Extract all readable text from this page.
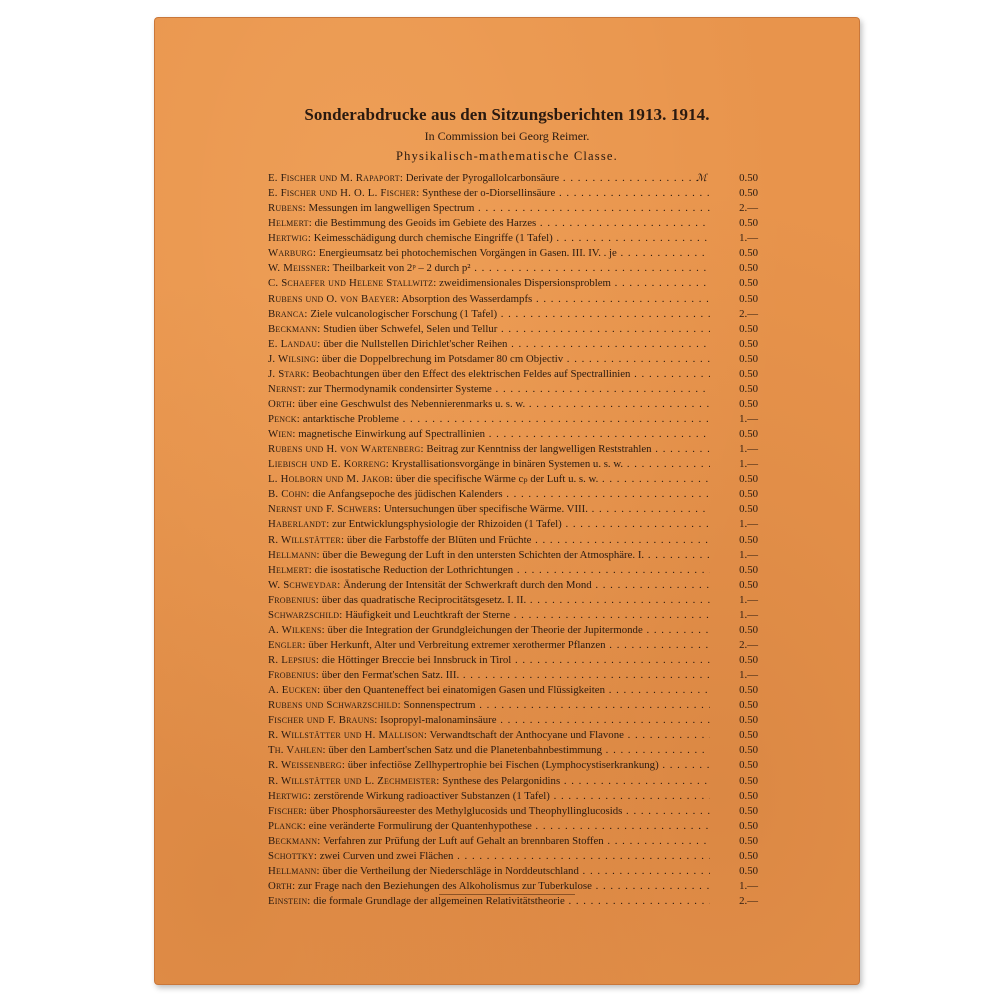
Sonderabdrucke aus den Sitzungsberichten 1913. 1914.
In Commission bei Georg Reimer.
Physikalisch-mathematische Classe.
E. Fischer und M. Rapaport: Derivate der Pyrogallolcarbonsäure . . .	ℳ	0.50
E. Fischer und H. O. L. Fischer: Synthese der o-Diorsellinsäure . . .	0.50
Rubens: Messungen im langwelligen Spectrum . . .	2.—
Helmert: die Bestimmung des Geoids im Gebiete des Harzes . . .	0.50
Hertwig: Keimesschädigung durch chemische Eingriffe (1 Tafel) . . .	1.—
Warburg: Energieumsatz bei photochemischen Vorgängen in Gasen. III. IV. . je . . .	0.50
W. Meissner: Theilbarkeit von 2ᵖ – 2 durch p² . . .	0.50
C. Schaefer und Helene Stallwitz: zweidimensionales Dispersionsproblem . . .	0.50
Rubens und O. von Baeyer: Absorption des Wasserdampfs . . .	0.50
Branca: Ziele vulcanologischer Forschung (1 Tafel) . . .	2.—
Beckmann: Studien über Schwefel, Selen und Tellur . . .	0.50
E. Landau: über die Nullstellen Dirichlet'scher Reihen . . .	0.50
J. Wilsing: über die Doppelbrechung im Potsdamer 80 cm Objectiv . . .	0.50
J. Stark: Beobachtungen über den Effect des elektrischen Feldes auf Spectrallinien . . .	0.50
Nernst: zur Thermodynamik condensirter Systeme . . .	0.50
Orth: über eine Geschwulst des Nebennierenmarks u. s. w. . . .	0.50
Penck: antarktische Probleme . . .	1.—
Wien: magnetische Einwirkung auf Spectrallinien . . .	0.50
Rubens und H. von Wartenberg: Beitrag zur Kenntniss der langwelligen Reststrahlen . . .	1.—
Liebisch und E. Korreng: Krystallisationsvorgänge in binären Systemen u. s. w. . . .	1.—
L. Holborn und M. Jakob: über die specifische Wärme cₚ der Luft u. s. w. . . .	0.50
B. Cohn: die Anfangsepoche des jüdischen Kalenders . . .	0.50
Nernst und F. Schwers: Untersuchungen über specifische Wärme. VIII. . . .	0.50
Haberlandt: zur Entwicklungsphysiologie der Rhizoiden (1 Tafel) . . .	1.—
R. Willstätter: über die Farbstoffe der Blüten und Früchte . . .	0.50
Hellmann: über die Bewegung der Luft in den untersten Schichten der Atmosphäre. I. . . .	1.—
Helmert: die isostatische Reduction der Lothrichtungen . . .	0.50
W. Schweydar: Änderung der Intensität der Schwerkraft durch den Mond . . .	0.50
Frobenius: über das quadratische Reciprocitätsgesetz. I. II. . . .	1.—
Schwarzschild: Häufigkeit und Leuchtkraft der Sterne . . .	1.—
A. Wilkens: über die Integration der Grundgleichungen der Theorie der Jupitermonde . . .	0.50
Engler: über Herkunft, Alter und Verbreitung extremer xerothermer Pflanzen . . .	2.—
R. Lepsius: die Höttinger Breccie bei Innsbruck in Tirol . . .	0.50
Frobenius: über den Fermat'schen Satz. III. . . .	1.—
A. Eucken: über den Quanteneffect bei einatomigen Gasen und Flüssigkeiten . . .	0.50
Rubens und Schwarzschild: Sonnenspectrum . . .	0.50
Fischer und F. Brauns: Isopropyl-malonaminsäure . . .	0.50
R. Willstätter und H. Mallison: Verwandtschaft der Anthocyane und Flavone . . .	0.50
Th. Vahlen: über den Lambert'schen Satz und die Planetenbahnbestimmung . . .	0.50
R. Weissenberg: über infectiöse Zellhypertrophie bei Fischen (Lymphocystiserkrankung) . . .	0.50
R. Willstätter und L. Zechmeister: Synthese des Pelargonidins . . .	0.50
Hertwig: zerstörende Wirkung radioactiver Substanzen (1 Tafel) . . .	0.50
Fischer: über Phosphorsäureester des Methylglucosids und Theophyllinglucosids . . .	0.50
Planck: eine veränderte Formulirung der Quantenhypothese . . .	0.50
Beckmann: Verfahren zur Prüfung der Luft auf Gehalt an brennbaren Stoffen . . .	0.50
Schottky: zwei Curven und zwei Flächen . . .	0.50
Hellmann: über die Vertheilung der Niederschläge in Norddeutschland . . .	0.50
Orth: zur Frage nach den Beziehungen des Alkoholismus zur Tuberkulose . . .	1.—
Einstein: die formale Grundlage der allgemeinen Relativitätstheorie . . .	2.—
